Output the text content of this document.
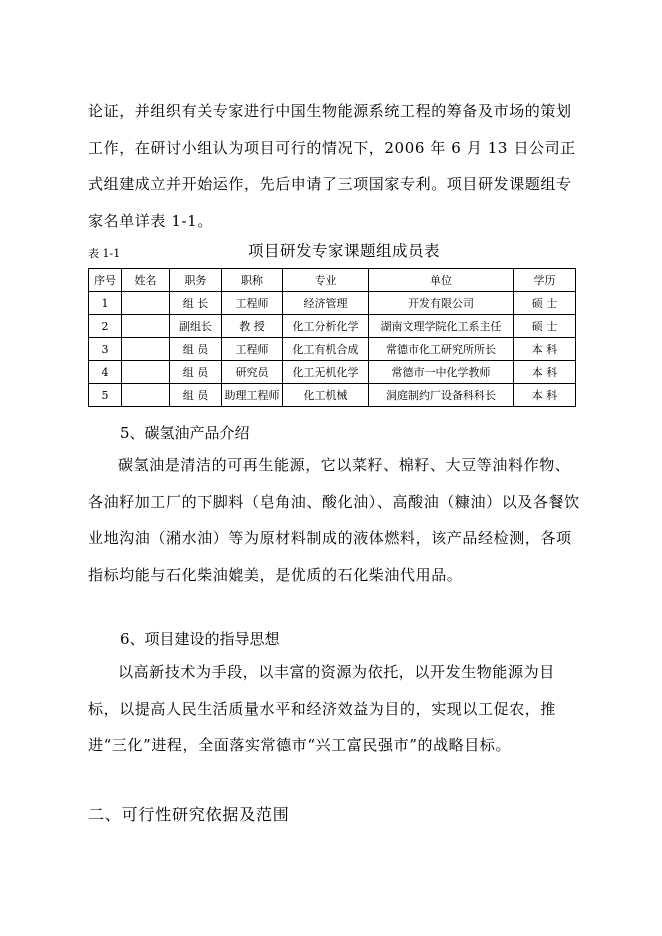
论证，并组织有关专家进行中国生物能源系统工程的筹备及市场的策划工作，在研讨小组认为项目可行的情况下，2006 年 6 月 13 日公司正式组建成立并开始运作，先后申请了三项国家专利。项目研发课题组专家名单详表 1-1。

表 1-1	项目研发专家课题组成员表
序号	姓名	职务	职称	专业	单位	学历
1		组 长	工程师	经济管理	开发有限公司	硕 士
2		副组长	教 授	化工分析化学	湖南文理学院化工系主任	硕 士
3		组 员	工程师	化工有机合成	常德市化工研究所所长	本 科
4		组 员	研究员	化工无机化学	常德市一中化学教师	本 科
5		组 员	助理工程师	化工机械	洞庭制约厂设备科科长	本 科
5、碳氢油产品介绍

碳氢油是清洁的可再生能源，它以菜籽、棉籽、大豆等油料作物、各油籽加工厂的下脚料（皂角油、酸化油）、高酸油（糠油）以及各餐饮业地沟油（潲水油）等为原材料制成的液体燃料，该产品经检测，各项指标均能与石化柴油媲美，是优质的石化柴油代用品。

6、项目建设的指导思想

以高新技术为手段，以丰富的资源为依托，以开发生物能源为目标，以提高人民生活质量水平和经济效益为目的，实现以工促农，推进“三化”进程，全面落实常德市“兴工富民强市”的战略目标。

二、可行性研究依据及范围
